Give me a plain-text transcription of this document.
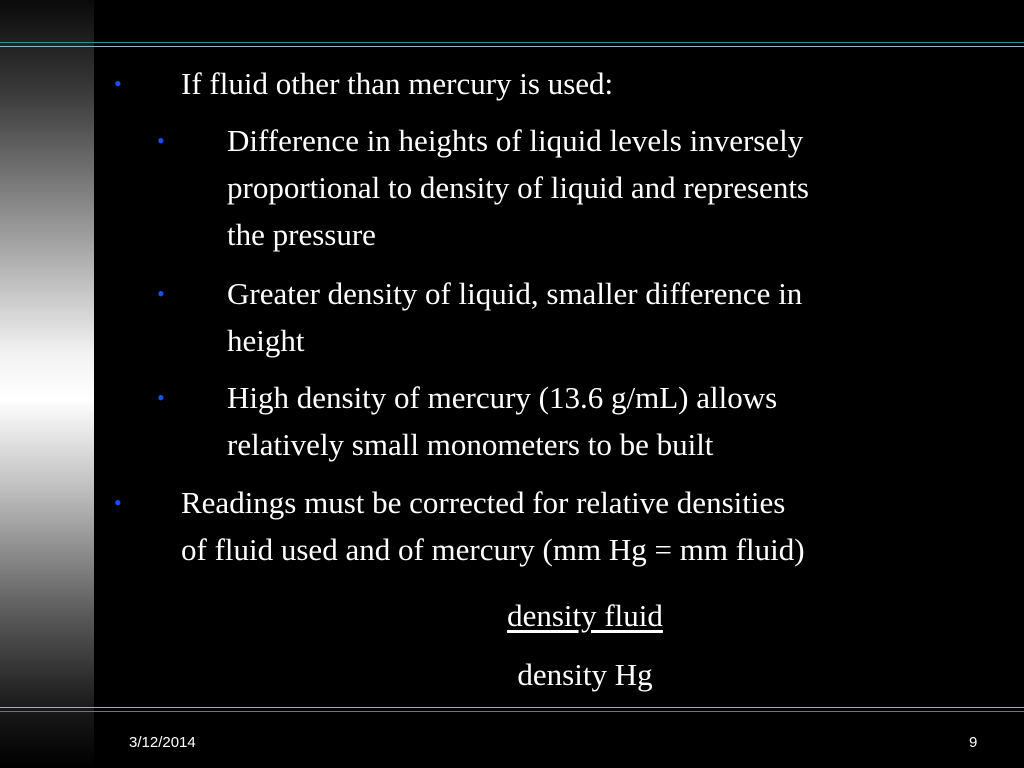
• If fluid other than mercury is used:
• Difference in heights of liquid levels inversely
proportional to density of liquid and represents
the pressure
• Greater density of liquid, smaller difference in
height
• High density of mercury (13.6 g/mL) allows
relatively small monometers to be built
• Readings must be corrected for relative densities
of fluid used and of mercury (mm Hg = mm fluid)
density fluid
density Hg
3/12/2014	9
